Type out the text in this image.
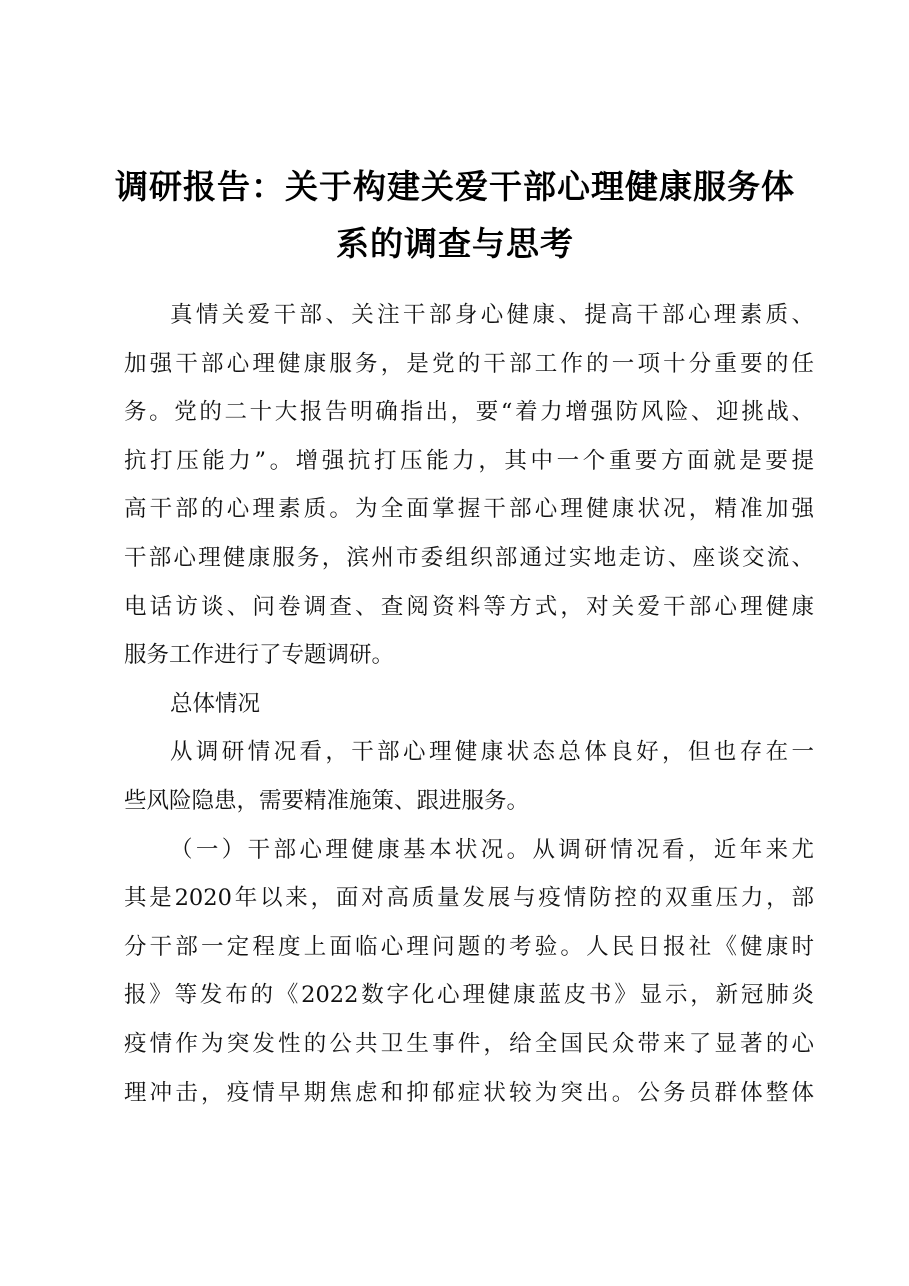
调研报告：关于构建关爱干部心理健康服务体
系的调查与思考
真情关爱干部、关注干部身心健康、提高干部心理素质、
加强干部心理健康服务，是党的干部工作的一项十分重要的任
务。党的二十大报告明确指出，要“着力增强防风险、迎挑战、
抗打压能力”。增强抗打压能力，其中一个重要方面就是要提
高干部的心理素质。为全面掌握干部心理健康状况，精准加强
干部心理健康服务，滨州市委组织部通过实地走访、座谈交流、
电话访谈、问卷调查、查阅资料等方式，对关爱干部心理健康
服务工作进行了专题调研。
总体情况
从调研情况看，干部心理健康状态总体良好，但也存在一
些风险隐患，需要精准施策、跟进服务。
（一）干部心理健康基本状况。从调研情况看，近年来尤
其是2020年以来，面对高质量发展与疫情防控的双重压力，部
分干部一定程度上面临心理问题的考验。人民日报社《健康时
报》等发布的《2022数字化心理健康蓝皮书》显示，新冠肺炎
疫情作为突发性的公共卫生事件，给全国民众带来了显著的心
理冲击，疫情早期焦虑和抑郁症状较为突出。公务员群体整体
